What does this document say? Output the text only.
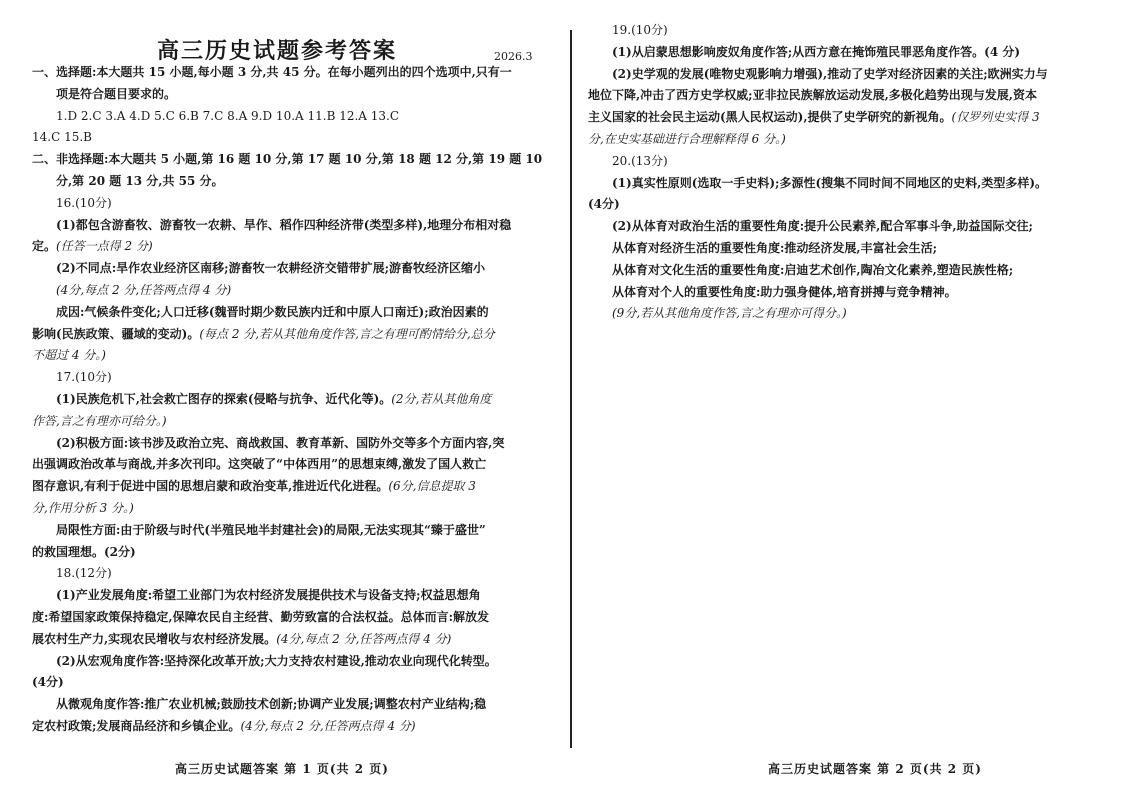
高三历史试题参考答案	2026.3

一、选择题:本大题共 15 小题,每小题 3 分,共 45 分。在每小题列出的四个选项中,只有一

项是符合题目要求的。

1.D 2.C 3.A 4.D 5.C 6.B 7.C 8.A 9.D 10.A 11.B 12.A 13.C

14.C 15.B

二、非选择题:本大题共 5 小题,第 16 题 10 分,第 17 题 10 分,第 18 题 12 分,第 19 题 10

分,第 20 题 13 分,共 55 分。

16.(10分)

(1)都包含游畜牧、游畜牧一农耕、旱作、稻作四种经济带(类型多样),地理分布相对稳

定。(任答一点得 2 分)

(2)不同点:旱作农业经济区南移;游畜牧一农耕经济交错带扩展;游畜牧经济区缩小

(4分,每点 2 分,任答两点得 4 分)

成因:气候条件变化;人口迁移(魏晋时期少数民族内迁和中原人口南迁);政治因素的

影响(民族政策、疆域的变动)。(每点 2 分,若从其他角度作答,言之有理可酌情给分,总分

不超过 4 分。)

17.(10分)

(1)民族危机下,社会救亡图存的探索(侵略与抗争、近代化等)。(2分,若从其他角度

作答,言之有理亦可给分。)

(2)积极方面:该书涉及政治立宪、商战救国、教育革新、国防外交等多个方面内容,突

出强调政治改革与商战,并多次刊印。这突破了“中体西用”的思想束缚,激发了国人救亡

图存意识,有利于促进中国的思想启蒙和政治变革,推进近代化进程。(6分,信息提取 3

分,作用分析 3 分。)

局限性方面:由于阶级与时代(半殖民地半封建社会)的局限,无法实现其“臻于盛世”

的救国理想。(2分)

18.(12分)

(1)产业发展角度:希望工业部门为农村经济发展提供技术与设备支持;权益思想角

度:希望国家政策保持稳定,保障农民自主经营、勤劳致富的合法权益。总体而言:解放发

展农村生产力,实现农民增收与农村经济发展。(4分,每点 2 分,任答两点得 4 分)

(2)从宏观角度作答:坚持深化改革开放;大力支持农村建设,推动农业向现代化转型。

(4分)

从微观角度作答:推广农业机械;鼓励技术创新;协调产业发展;调整农村产业结构;稳

定农村政策;发展商品经济和乡镇企业。(4分,每点 2 分,任答两点得 4 分)

19.(10分)

(1)从启蒙思想影响废奴角度作答;从西方意在掩饰殖民罪恶角度作答。(4 分)

(2)史学观的发展(唯物史观影响力增强),推动了史学对经济因素的关注;欧洲实力与

地位下降,冲击了西方史学权威;亚非拉民族解放运动发展,多极化趋势出现与发展,资本

主义国家的社会民主运动(黑人民权运动),提供了史学研究的新视角。(仅罗列史实得 3

分,在史实基础进行合理解释得 6 分。)

20.(13分)

(1)真实性原则(选取一手史料);多源性(搜集不同时间不同地区的史料,类型多样)。

(4分)

(2)从体育对政治生活的重要性角度:提升公民素养,配合军事斗争,助益国际交往;

从体育对经济生活的重要性角度:推动经济发展,丰富社会生活;

从体育对文化生活的重要性角度:启迪艺术创作,陶冶文化素养,塑造民族性格;

从体育对个人的重要性角度:助力强身健体,培育拼搏与竞争精神。

(9分,若从其他角度作答,言之有理亦可得分。)

高三历史试题答案 第 1 页(共 2 页)	高三历史试题答案 第 2 页(共 2 页)
